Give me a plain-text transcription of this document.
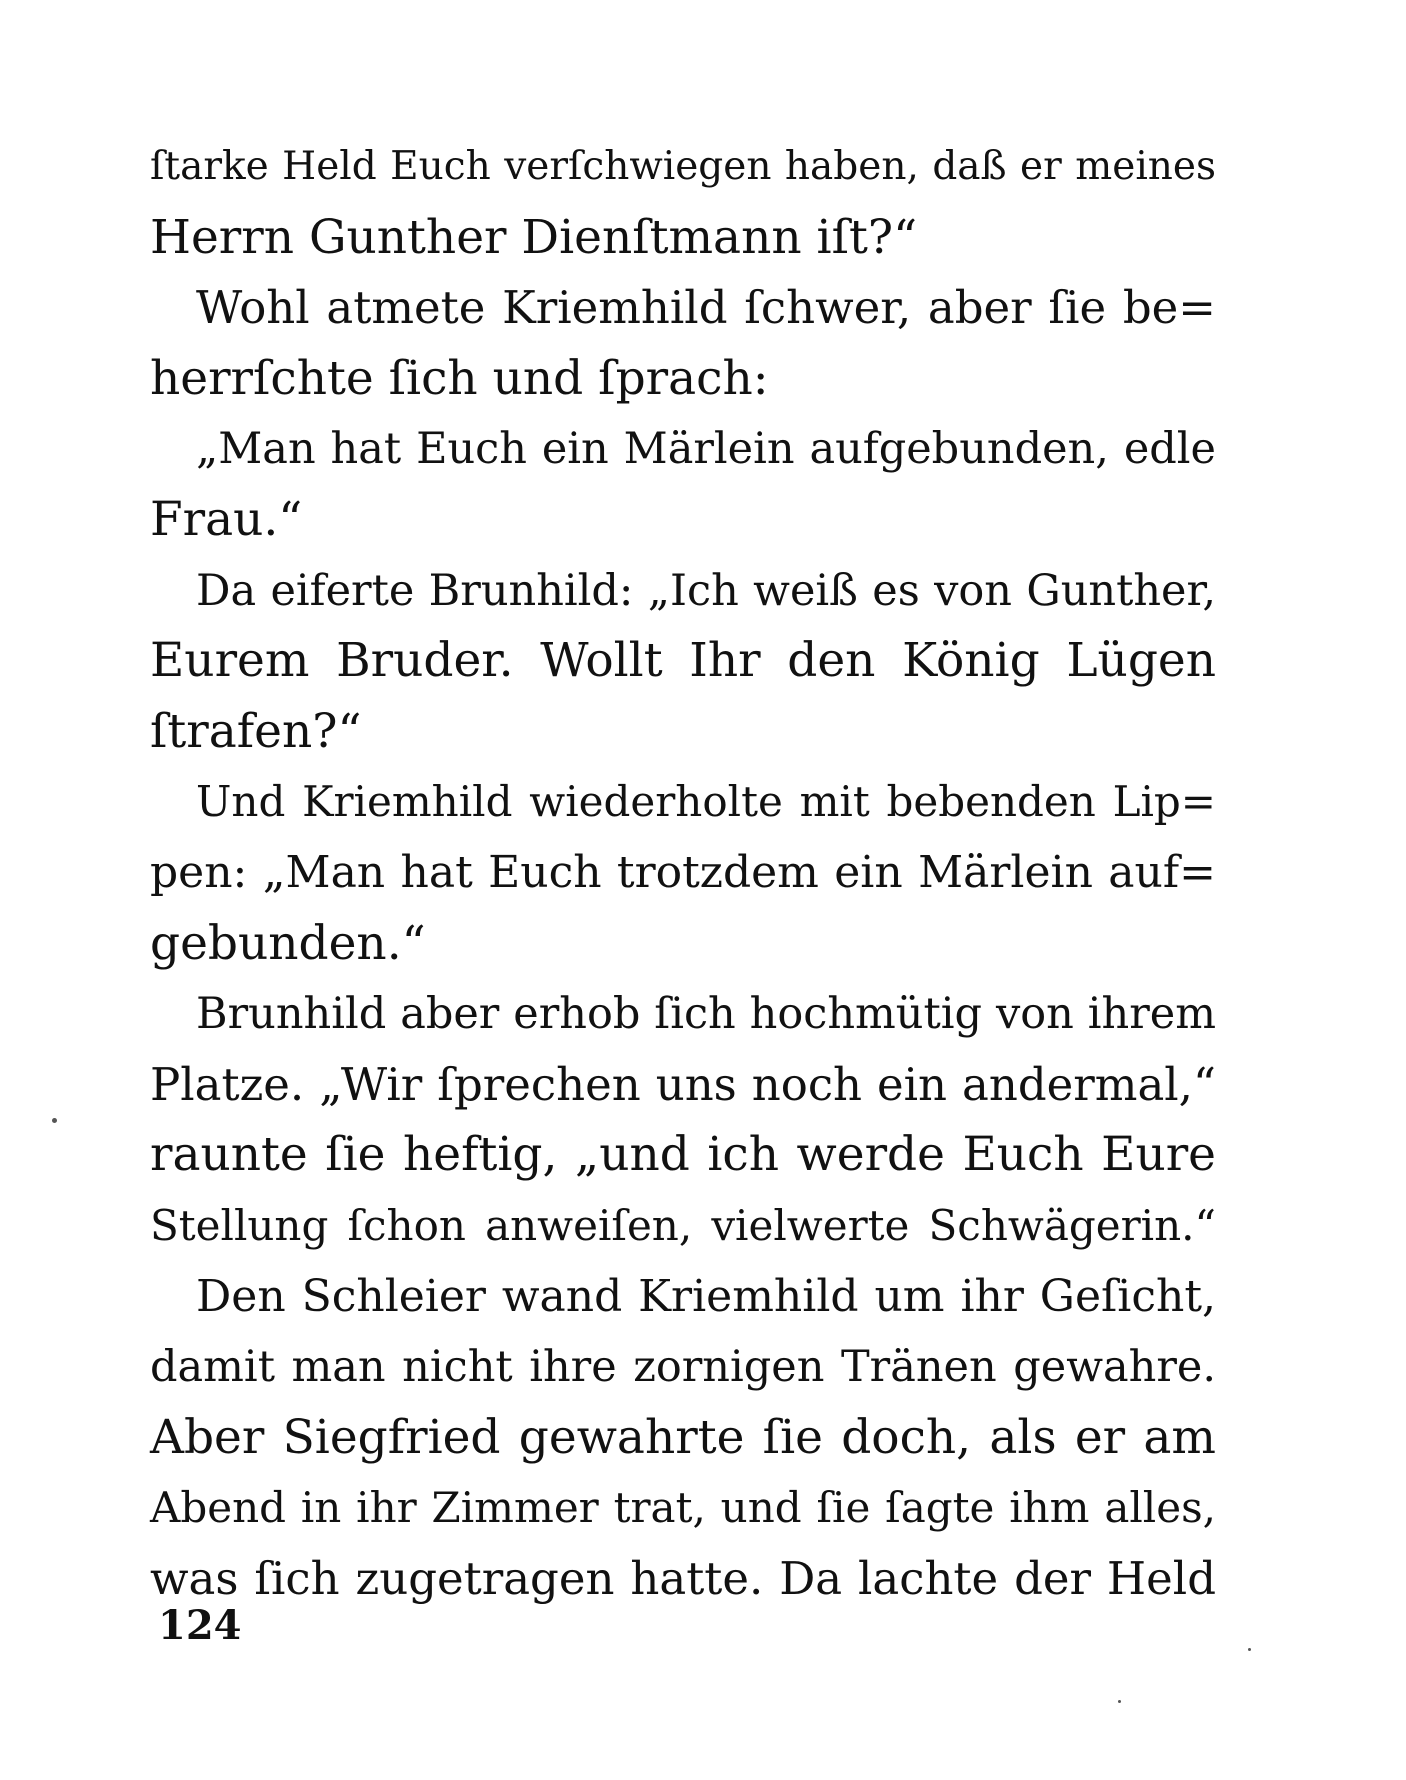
ſtarke Held Euch verſchwiegen haben, daß er meines
Herrn Gunther Dienſtmann iſt?“
Wohl atmete Kriemhild ſchwer, aber ſie be=
herrſchte ſich und ſprach:
„Man hat Euch ein Märlein aufgebunden, edle
Frau.“
Da eiferte Brunhild: „Ich weiß es von Gunther,
Eurem Bruder. Wollt Ihr den König Lügen
ſtrafen?“
Und Kriemhild wiederholte mit bebenden Lip=
pen: „Man hat Euch trotzdem ein Märlein auf=
gebunden.“
Brunhild aber erhob ſich hochmütig von ihrem
Platze. „Wir ſprechen uns noch ein andermal,“
raunte ſie heftig, „und ich werde Euch Eure
Stellung ſchon anweiſen, vielwerte Schwägerin.“
Den Schleier wand Kriemhild um ihr Geſicht,
damit man nicht ihre zornigen Tränen gewahre.
Aber Siegfried gewahrte ſie doch, als er am
Abend in ihr Zimmer trat, und ſie ſagte ihm alles,
was ſich zugetragen hatte. Da lachte der Held
124
